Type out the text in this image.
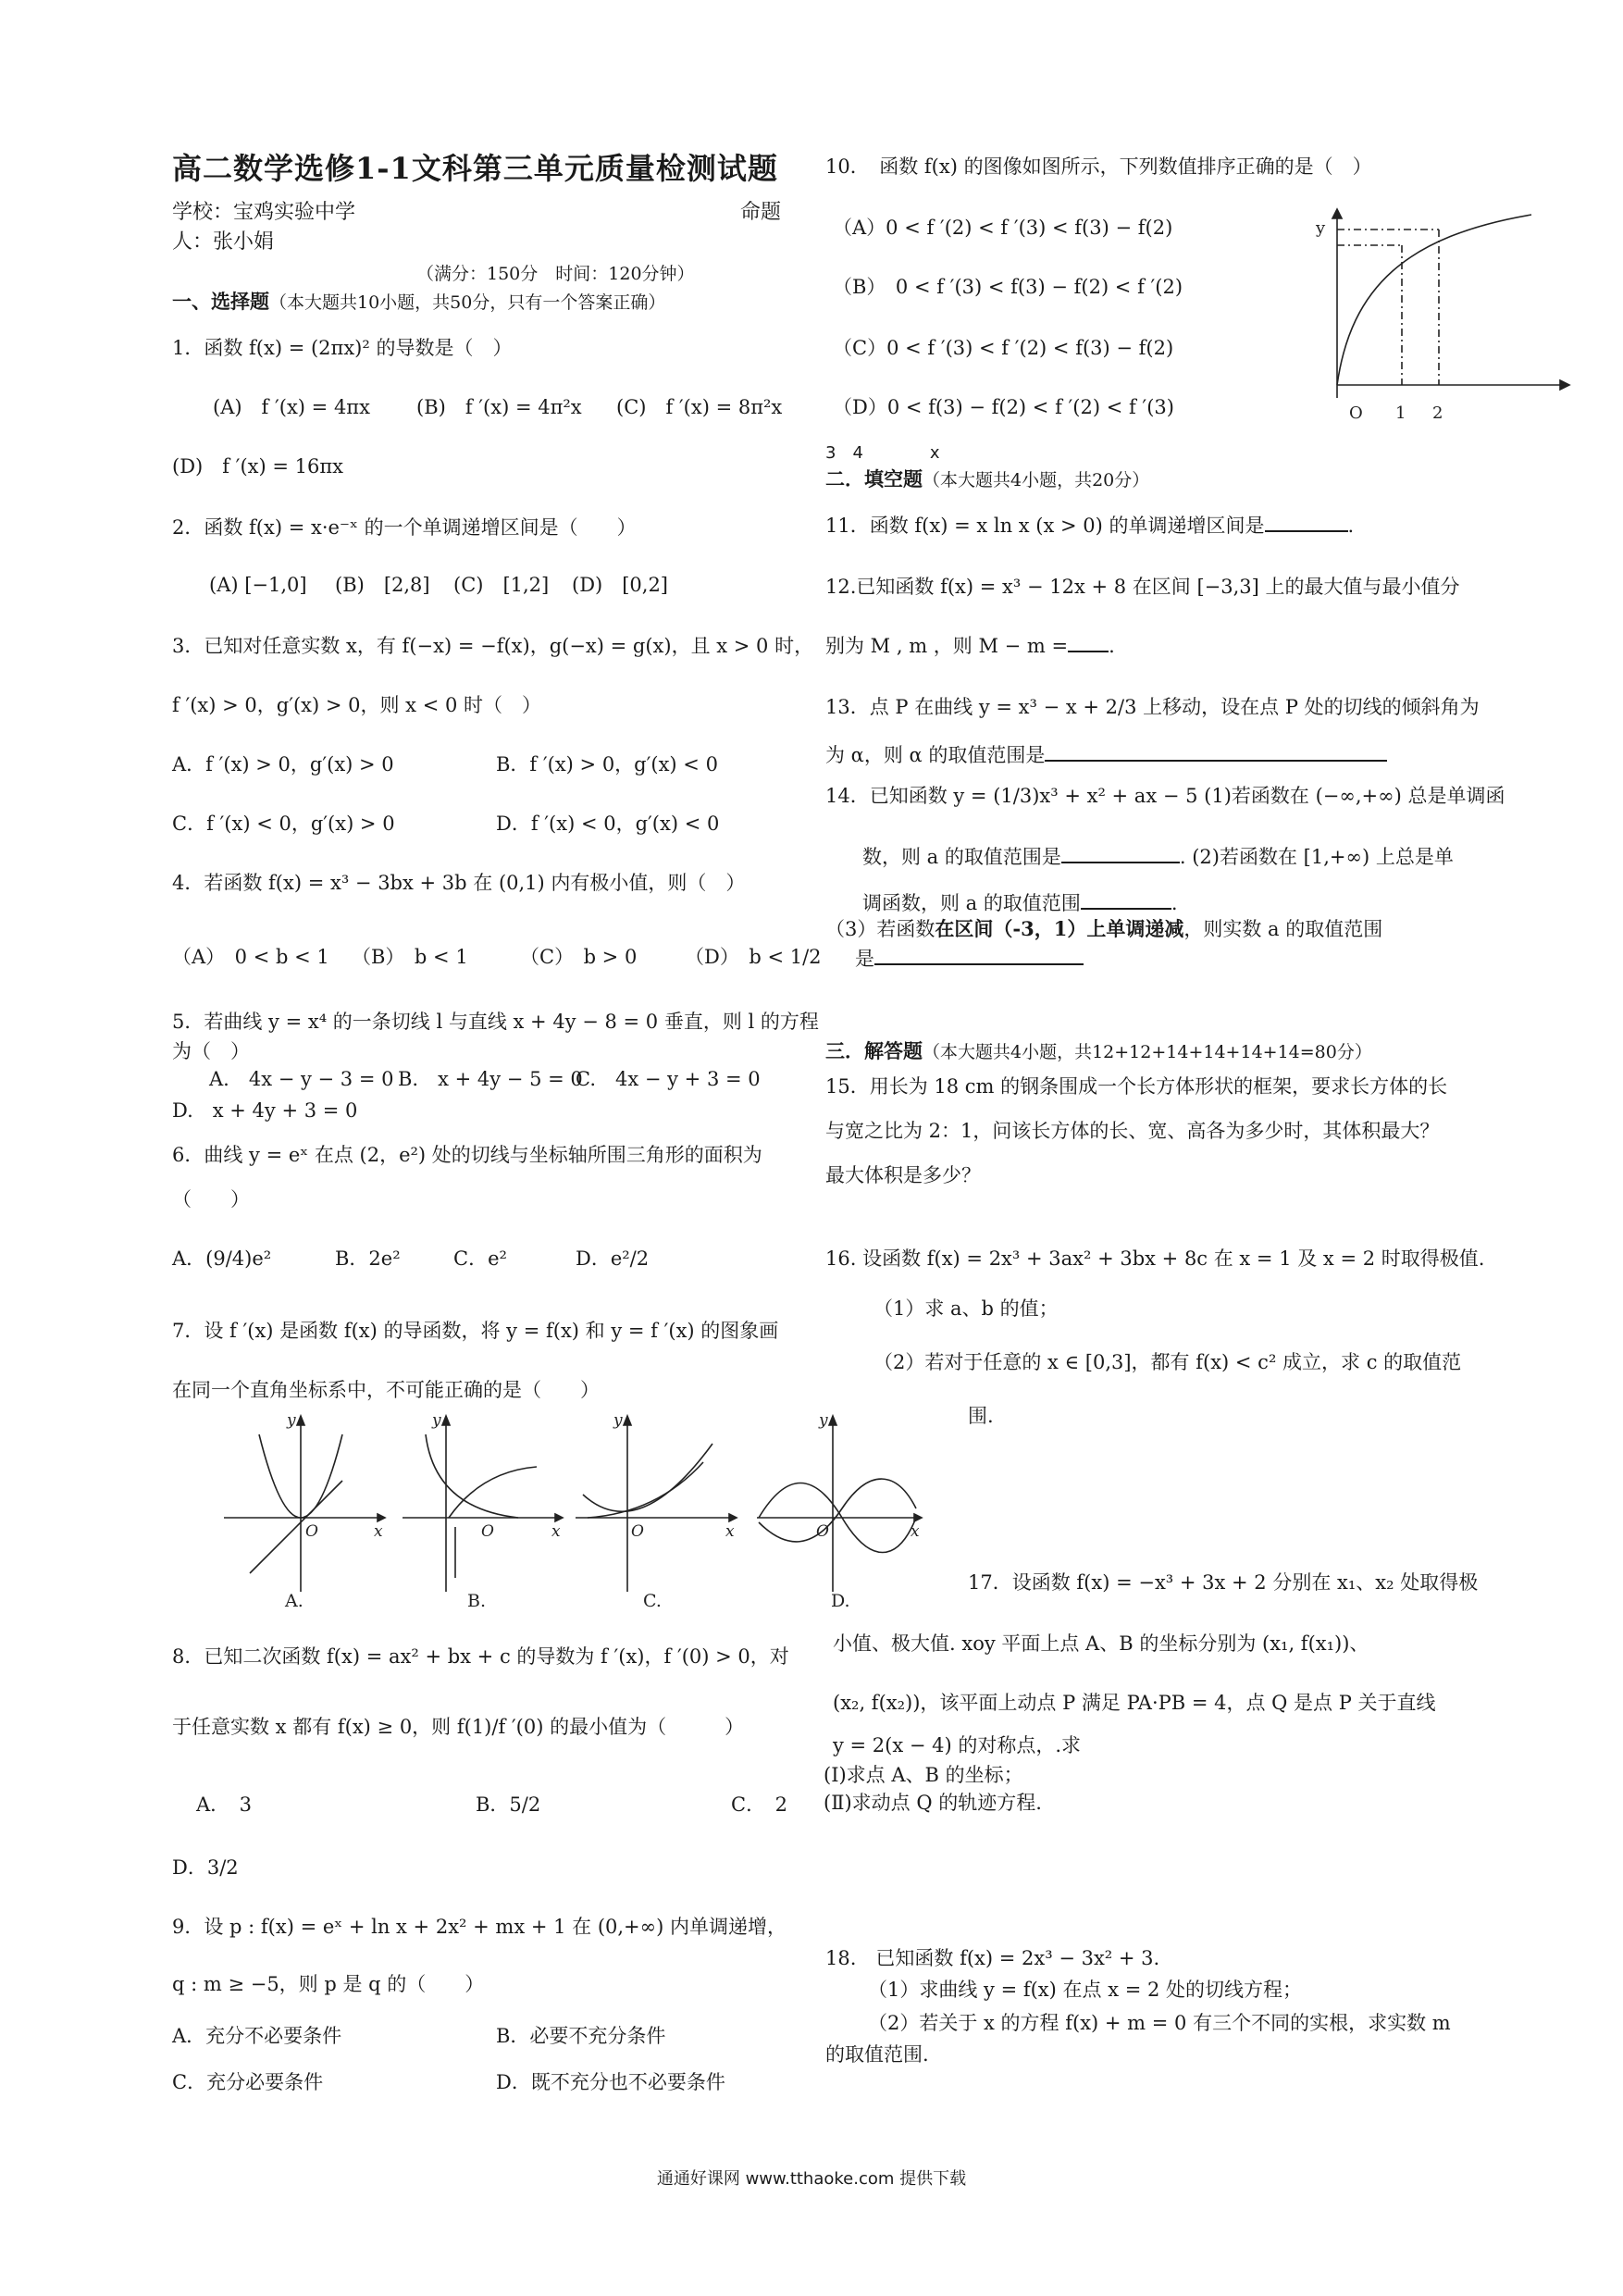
高二数学选修1-1文科第三单元质量检测试题
学校：宝鸡实验中学	命题
人：张小娟
（满分：150分　时间：120分钟）
一、选择题（本大题共10小题，共50分，只有一个答案正确）
1．函数 f(x) = (2πx)² 的导数是（　）
(A)　f ′(x) = 4πx (B)　f ′(x) = 4π²x (C)　f ′(x) = 8π²x
(D)　f ′(x) = 16πx
2．函数 f(x) = x·e⁻ˣ 的一个单调递增区间是（　　）
(A) [−1,0] (B)　[2,8] (C)　[1,2] (D)　[0,2]
3．已知对任意实数 x，有 f(−x) = −f(x)，g(−x) = g(x)，且 x > 0 时，
f ′(x) > 0，g′(x) > 0，则 x < 0 时（　）
A．f ′(x) > 0，g′(x) > 0	B．f ′(x) > 0，g′(x) < 0
C．f ′(x) < 0，g′(x) > 0	D．f ′(x) < 0，g′(x) < 0
4．若函数 f(x) = x³ − 3bx + 3b 在 (0,1) 内有极小值，则（　）
（A）　0 < b < 1 （B）　b < 1	（C）　b > 0 （D）　b < 1/2
5．若曲线 y = x⁴ 的一条切线 l 与直线 x + 4y − 8 = 0 垂直，则 l 的方程
为（　）
A.　4x − y − 3 = 0 B.　x + 4y − 5 = 0
C.　4x − y + 3 = 0
D.　x + 4y + 3 = 0
6．曲线 y = eˣ 在点 (2，e²) 处的切线与坐标轴所围三角形的面积为
（　　）
A．(9/4)e²	B．2e²	C．e²	D．e²/2
7．设 f ′(x) 是函数 f(x) 的导函数，将 y = f(x) 和 y = f ′(x) 的图象画
在同一个直角坐标系中，不可能正确的是（　　）
y
x
O
y
x
O
y
x
O
y
x
O
A.	B.	C.	D.
8．已知二次函数 f(x) = ax² + bx + c 的导数为 f ′(x)，f ′(0) > 0，对
于任意实数 x 都有 f(x) ≥ 0，则 f(1)/f ′(0) 的最小值为（　　　）
A．　3	B．5/2	C．　2
D．3/2
9．设 p : f(x) = eˣ + ln x + 2x² + mx + 1 在 (0,+∞) 内单调递增，
q : m ≥ −5，则 p 是 q 的（　　）
A．充分不必要条件	B．必要不充分条件
C．充分必要条件	D．既不充分也不必要条件
10．　函数 f(x) 的图像如图所示，下列数值排序正确的是（　）
（A）0 < f ′(2) < f ′(3) < f(3) − f(2)
（B）　0 < f ′(3) < f(3) − f(2) < f ′(2)
（C）0 < f ′(3) < f ′(2) < f(3) − f(2)
（D）0 < f(3) − f(2) < f ′(2) < f ′(3)
3　4　　　　x
y
O 1 2
二．填空题（本大题共4小题，共20分）
11．函数 f(x) = x ln x (x > 0) 的单调递增区间是	.
12.已知函数 f(x) = x³ − 12x + 8 在区间 [−3,3] 上的最大值与最小值分
别为 M , m ，则 M − m = .
13．点 P 在曲线 y = x³ − x + 2/3 上移动，设在点 P 处的切线的倾斜角为
为 α，则 α 的取值范围是
14．已知函数 y = (1/3)x³ + x² + ax − 5 (1)若函数在 (−∞,+∞) 总是单调函
数，则 a 的取值范围是	. (2)若函数在 [1,+∞) 上总是单
调函数，则 a 的取值范围	.
（3）若函数在区间（-3，1）上单调递减，则实数 a 的取值范围
是
三．解答题（本大题共4小题，共12+12+14+14+14+14=80分）
15．用长为 18 cm 的钢条围成一个长方体形状的框架，要求长方体的长
与宽之比为 2：1，问该长方体的长、宽、高各为多少时，其体积最大？
最大体积是多少？
16. 设函数 f(x) = 2x³ + 3ax² + 3bx + 8c 在 x = 1 及 x = 2 时取得极值.
（1）求 a、b 的值；
（2）若对于任意的 x ∈ [0,3]，都有 f(x) < c² 成立，求 c 的取值范
围.
17．设函数 f(x) = −x³ + 3x + 2 分别在 x₁、x₂ 处取得极
小值、极大值. xoy 平面上点 A、B 的坐标分别为 (x₁, f(x₁))、
(x₂, f(x₂))，该平面上动点 P 满足 PA·PB = 4，点 Q 是点 P 关于直线
y = 2(x − 4) 的对称点，.求
(Ⅰ)求点 A、B 的坐标；
(Ⅱ)求动点 Q 的轨迹方程.
18.　已知函数 f(x) = 2x³ − 3x² + 3.
（1）求曲线 y = f(x) 在点 x = 2 处的切线方程；
（2）若关于 x 的方程 f(x) + m = 0 有三个不同的实根，求实数 m
的取值范围.
通通好课网 www.tthaoke.com 提供下载
